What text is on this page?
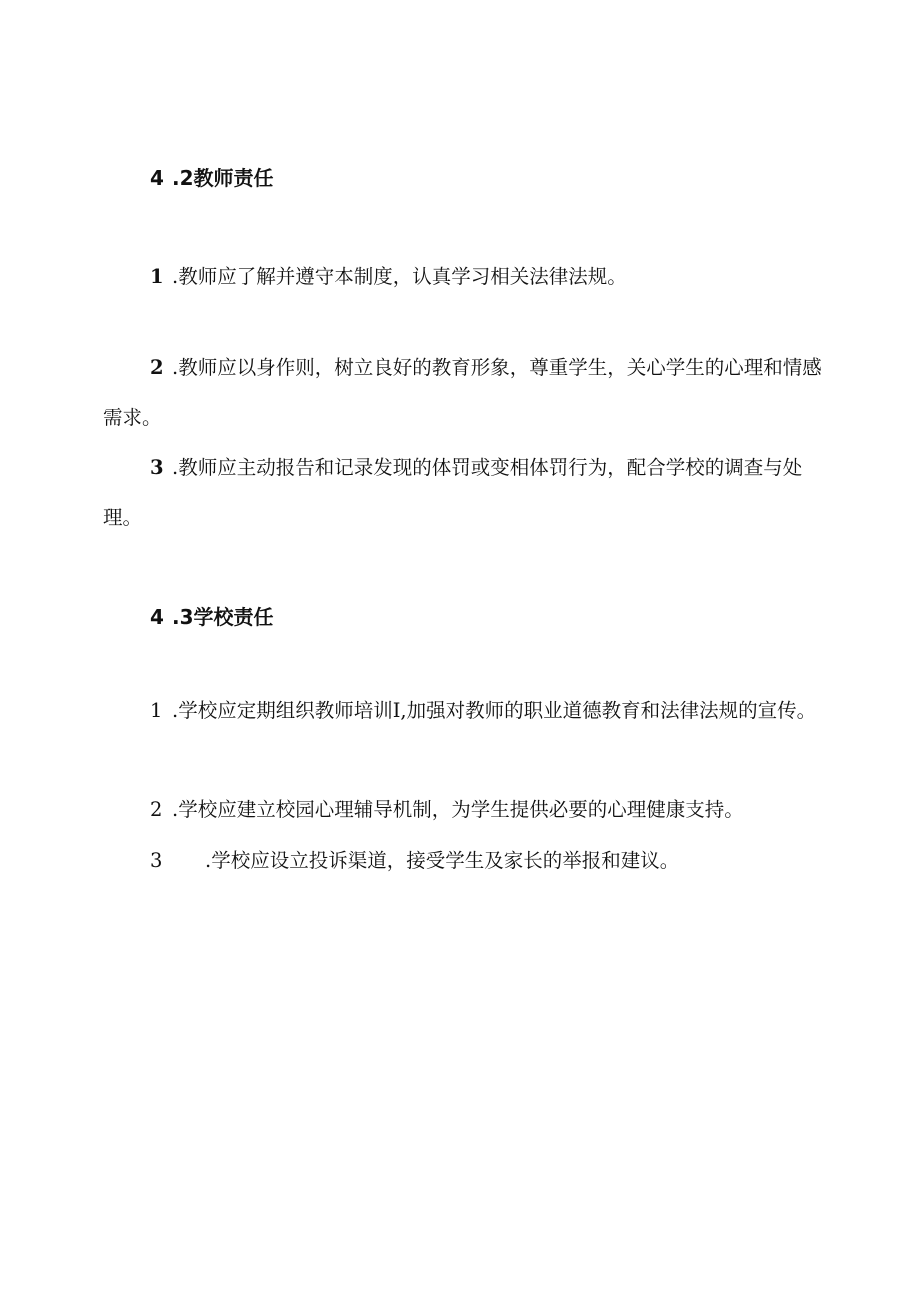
4 .2教师责任
1 .教师应了解并遵守本制度，认真学习相关法律法规。
2 .教师应以身作则，树立良好的教育形象，尊重学生，关心学生的心理和情感需求。
3 .教师应主动报告和记录发现的体罚或变相体罚行为，配合学校的调查与处理。
4 .3学校责任
1 .学校应定期组织教师培训I,加强对教师的职业道德教育和法律法规的宣传。
2 .学校应建立校园心理辅导机制，为学生提供必要的心理健康支持。
3 .学校应设立投诉渠道，接受学生及家长的举报和建议。
